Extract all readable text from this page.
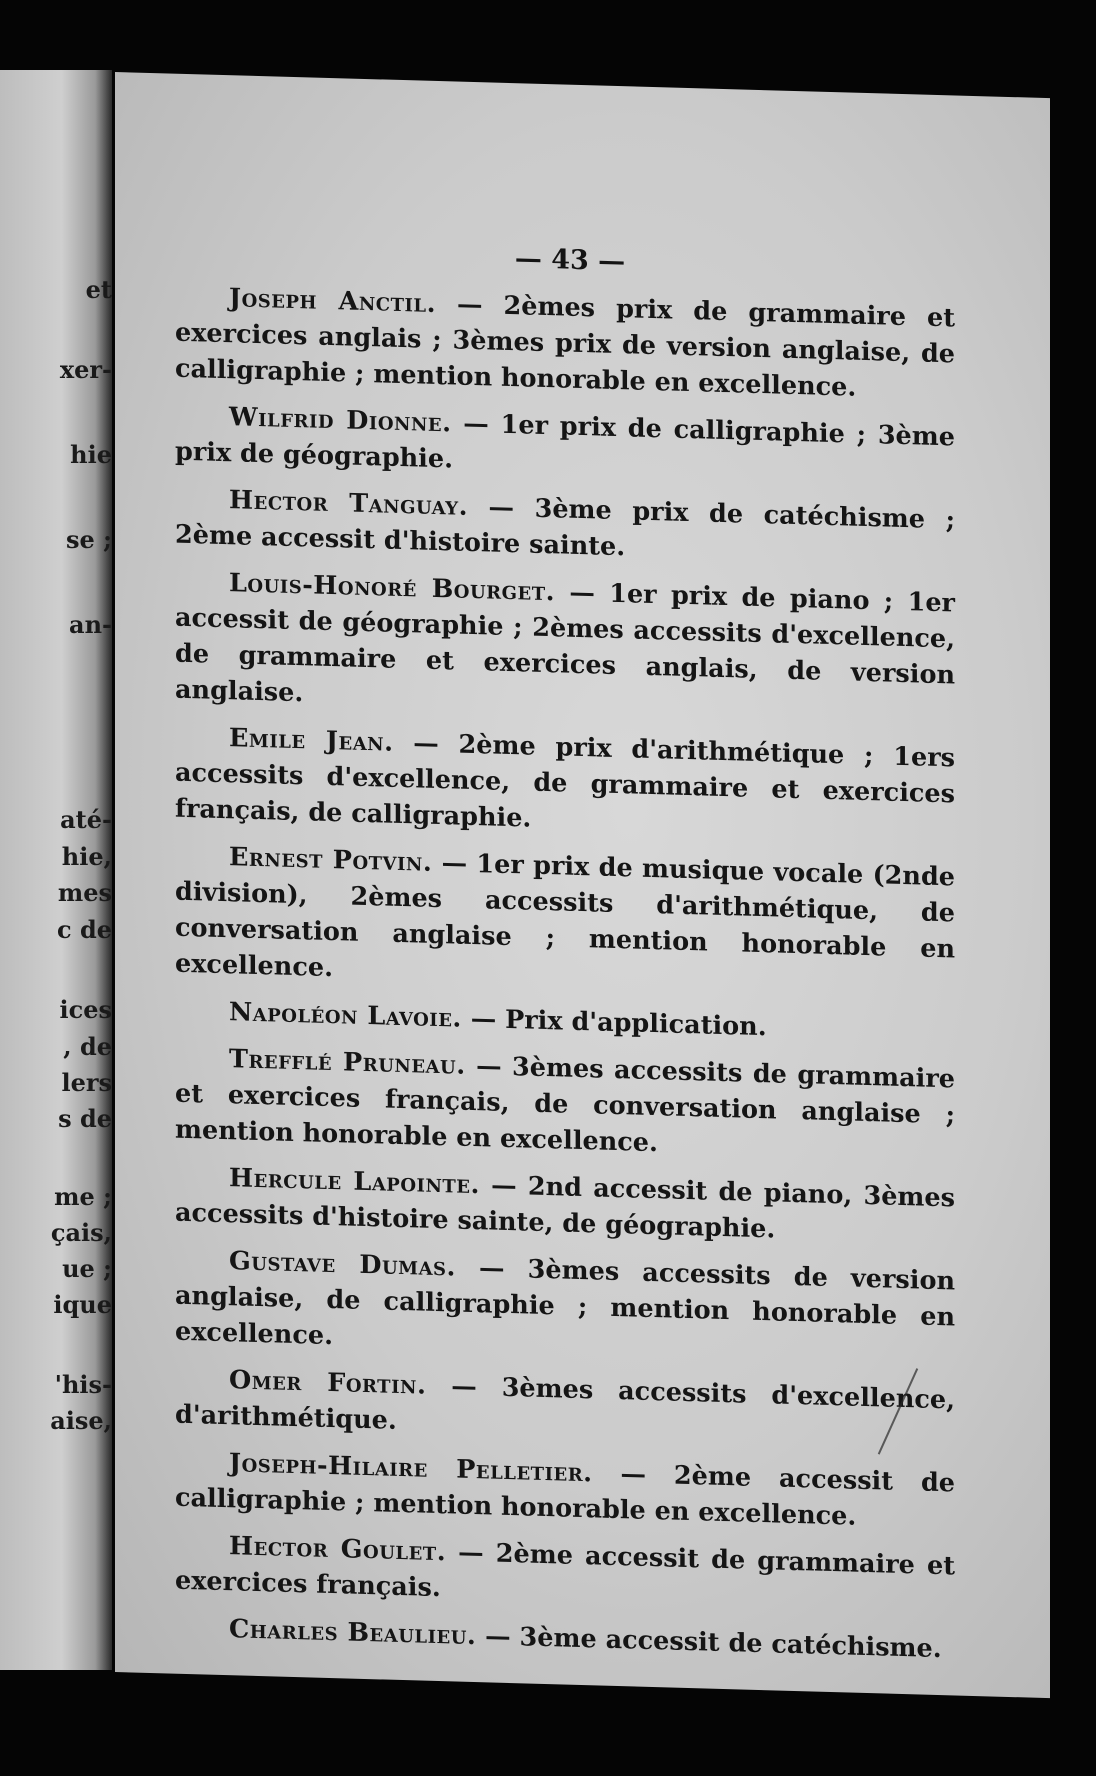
et
xer-
hie
se ;
an-
até-
hie,
mes
c de
ices
, de
lers
s de
me ;
çais,
ue ;
ique
'his-
aise,
— 43 —

Joseph Anctil. — 2èmes prix de grammaire et exercices anglais ; 3èmes prix de version anglaise, de calligraphie ; mention honorable en excellence.

Wilfrid Dionne. — 1er prix de calligraphie ; 3ème prix de géographie.

Hector Tanguay. — 3ème prix de catéchisme ; 2ème accessit d'histoire sainte.

Louis-Honoré Bourget. — 1er prix de piano ; 1er accessit de géographie ; 2èmes accessits d'excellence, de grammaire et exercices anglais, de version anglaise.

Emile Jean. — 2ème prix d'arithmétique ; 1ers accessits d'excellence, de grammaire et exercices français, de calligraphie.

Ernest Potvin. — 1er prix de musique vocale (2nde division), 2èmes accessits d'arithmétique, de conversation anglaise ; mention honorable en excellence.

Napoléon Lavoie. — Prix d'application.

Trefflé Pruneau. — 3èmes accessits de grammaire et exercices français, de conversation anglaise ; mention honorable en excellence.

Hercule Lapointe. — 2nd accessit de piano, 3èmes accessits d'histoire sainte, de géographie.

Gustave Dumas. — 3èmes accessits de version anglaise, de calligraphie ; mention honorable en excellence.

Omer Fortin. — 3èmes accessits d'excellence, d'arithmétique.

Joseph-Hilaire Pelletier. — 2ème accessit de calligraphie ; mention honorable en excellence.

Hector Goulet. — 2ème accessit de grammaire et exercices français.

Charles Beaulieu. — 3ème accessit de catéchisme.
